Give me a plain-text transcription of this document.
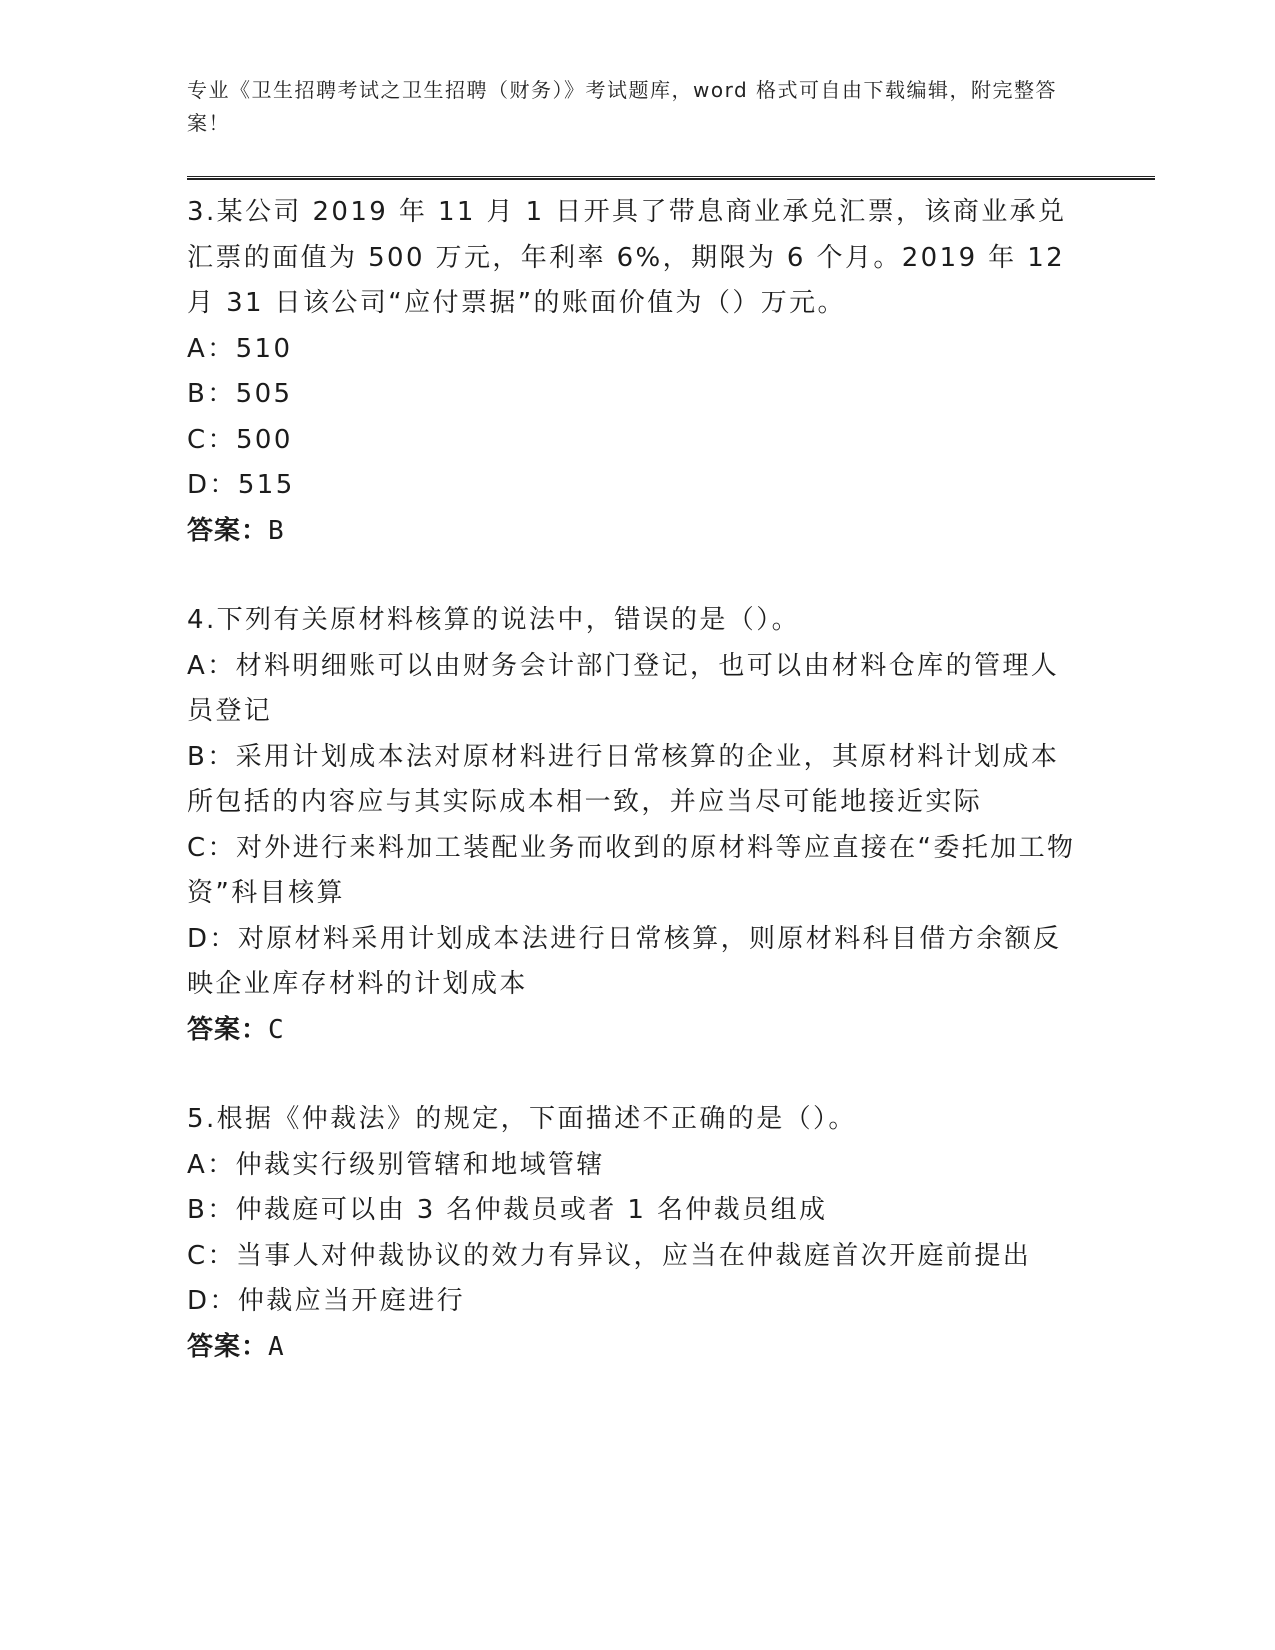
专业《卫生招聘考试之卫生招聘（财务）》考试题库，word 格式可自由下载编辑，附完整答案！

3.某公司 2019 年 11 月 1 日开具了带息商业承兑汇票，该商业承兑汇票的面值为 500 万元，年利率 6%，期限为 6 个月。2019 年 12 月 31 日该公司“应付票据”的账面价值为（）万元。

A：510

B：505

C：500

D：515

答案：B

4.下列有关原材料核算的说法中，错误的是（）。

A：材料明细账可以由财务会计部门登记，也可以由材料仓库的管理人员登记

B：采用计划成本法对原材料进行日常核算的企业，其原材料计划成本所包括的内容应与其实际成本相一致，并应当尽可能地接近实际

C：对外进行来料加工装配业务而收到的原材料等应直接在“委托加工物资”科目核算

D：对原材料采用计划成本法进行日常核算，则原材料科目借方余额反映企业库存材料的计划成本

答案：C

5.根据《仲裁法》的规定，下面描述不正确的是（）。

A：仲裁实行级别管辖和地域管辖

B：仲裁庭可以由 3 名仲裁员或者 1 名仲裁员组成

C：当事人对仲裁协议的效力有异议，应当在仲裁庭首次开庭前提出

D：仲裁应当开庭进行

答案：A
